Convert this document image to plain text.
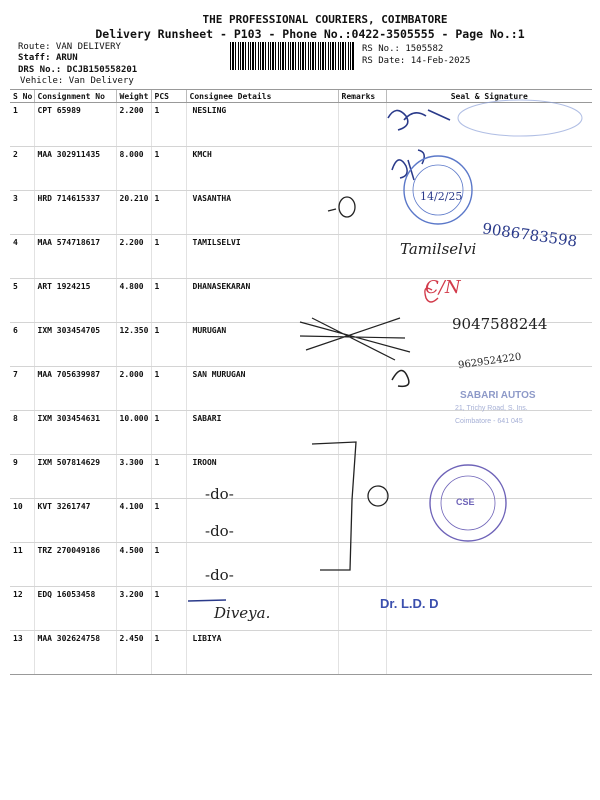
THE PROFESSIONAL COURIERS, COIMBATORE
Delivery Runsheet - P103 - Phone No.:0422-3505555 - Page No.:1
Route: VAN DELIVERY
Staff: ARUN
DRS No.: DCJB150558201
Vehicle: Van Delivery
RS No.: 1505582
RS Date: 14-Feb-2025
S No	Consignment No	Weight	PCS	Consignee Details	Remarks	Seal & Signature
1	CPT 65989	2.200	1	NESLING		
2	MAA 302911435	8.000	1	KMCH		
3	HRD 714615337	20.210	1	VASANTHA		
4	MAA 574718617	2.200	1	TAMILSELVI		
5	ART 1924215	4.800	1	DHANASEKARAN		
6	IXM 303454705	12.350	1	MURUGAN		
7	MAA 705639987	2.000	1	SAN MURUGAN		
8	IXM 303454631	10.000	1	SABARI		
9	IXM 507814629	3.300	1	IROON		
10	KVT 3261747	4.100	1			
11	TRZ 270049186	4.500	1			
12	EDQ 16053458	3.200	1			
13	MAA 302624758	2.450	1	LIBIYA		
9086783598
Tamilselvi
C/N
9047588244
9629524220
14/2/25
-do-
-do-
-do-
Diveya.
SABARI AUTOS
21, Trichy Road, S. Ins.
Coimbatore - 641 045
CSE
Dr. L.D. D
